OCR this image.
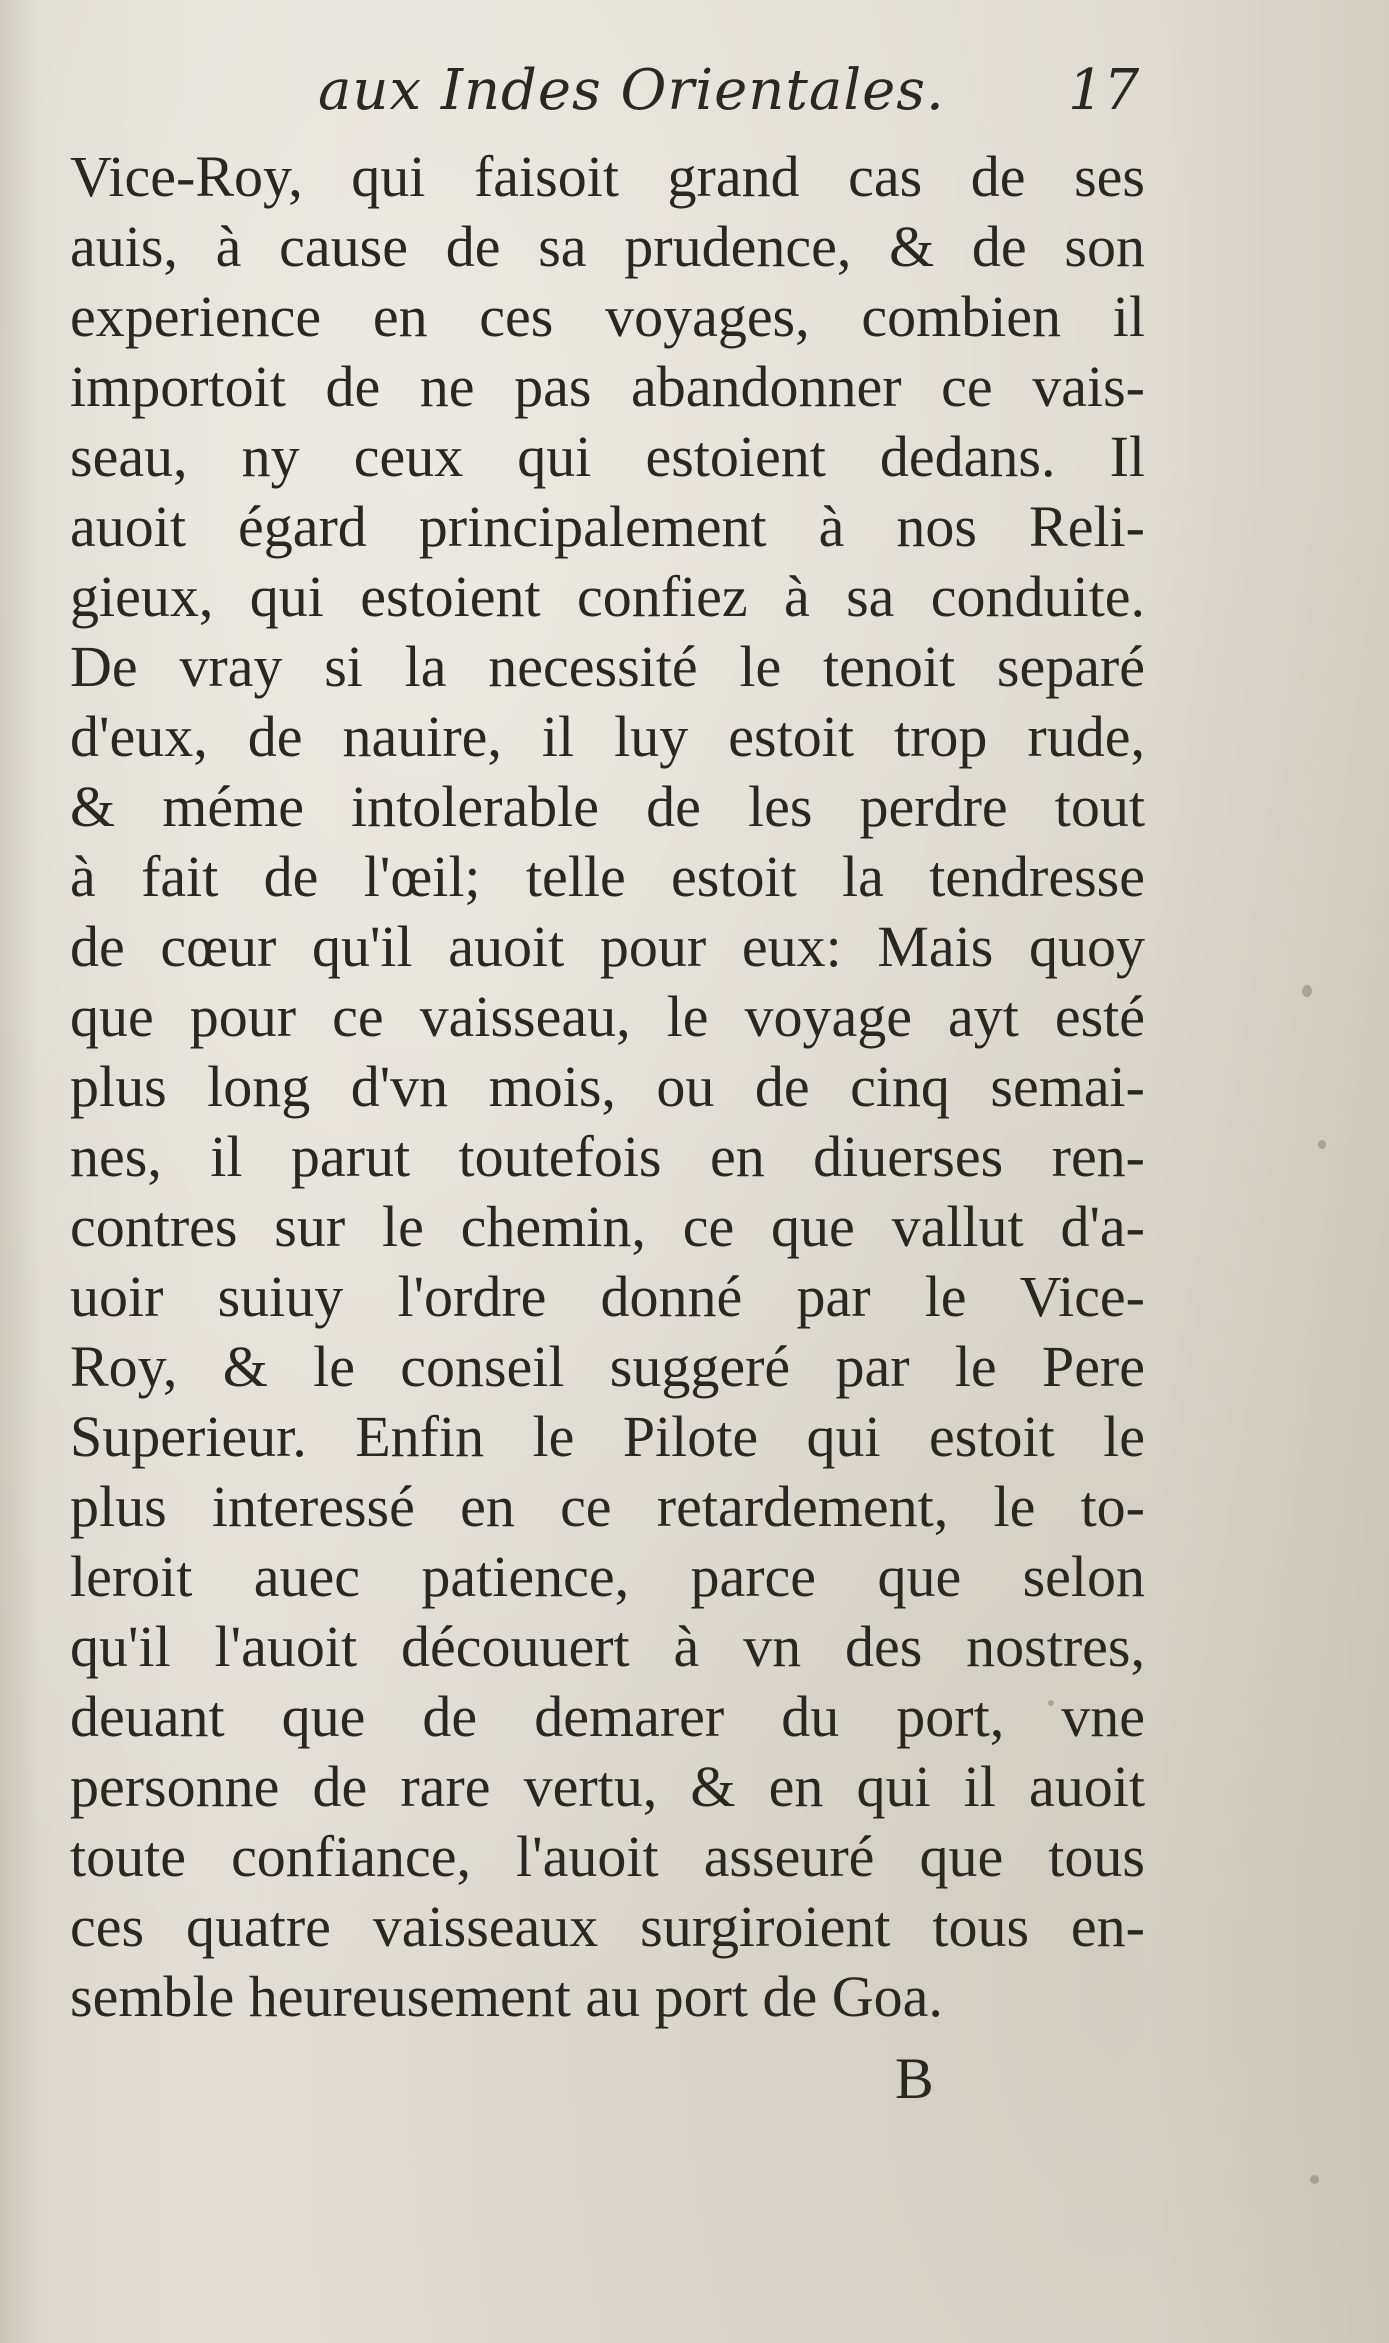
aux Indes Orientales. 17
Vice-Roy, qui faisoit grand cas de ses
auis, à cause de sa prudence, & de son
experience en ces voyages, combien il
importoit de ne pas abandonner ce vais-
seau, ny ceux qui estoient dedans. Il
auoit égard principalement à nos Reli-
gieux, qui estoient confiez à sa conduite.
De vray si la necessité le tenoit separé
d'eux, de nauire, il luy estoit trop rude,
& méme intolerable de les perdre tout
à fait de l'œil; telle estoit la tendresse
de cœur qu'il auoit pour eux: Mais quoy
que pour ce vaisseau, le voyage ayt esté
plus long d'vn mois, ou de cinq semai-
nes, il parut toutefois en diuerses ren-
contres sur le chemin, ce que vallut d'a-
uoir suiuy l'ordre donné par le Vice-
Roy, & le conseil suggeré par le Pere
Superieur. Enfin le Pilote qui estoit le
plus interessé en ce retardement, le to-
leroit auec patience, parce que selon
qu'il l'auoit découuert à vn des nostres,
deuant que de demarer du port, vne
personne de rare vertu, & en qui il auoit
toute confiance, l'auoit asseuré que tous
ces quatre vaisseaux surgiroient tous en-
semble heureusement au port de Goa.
B
